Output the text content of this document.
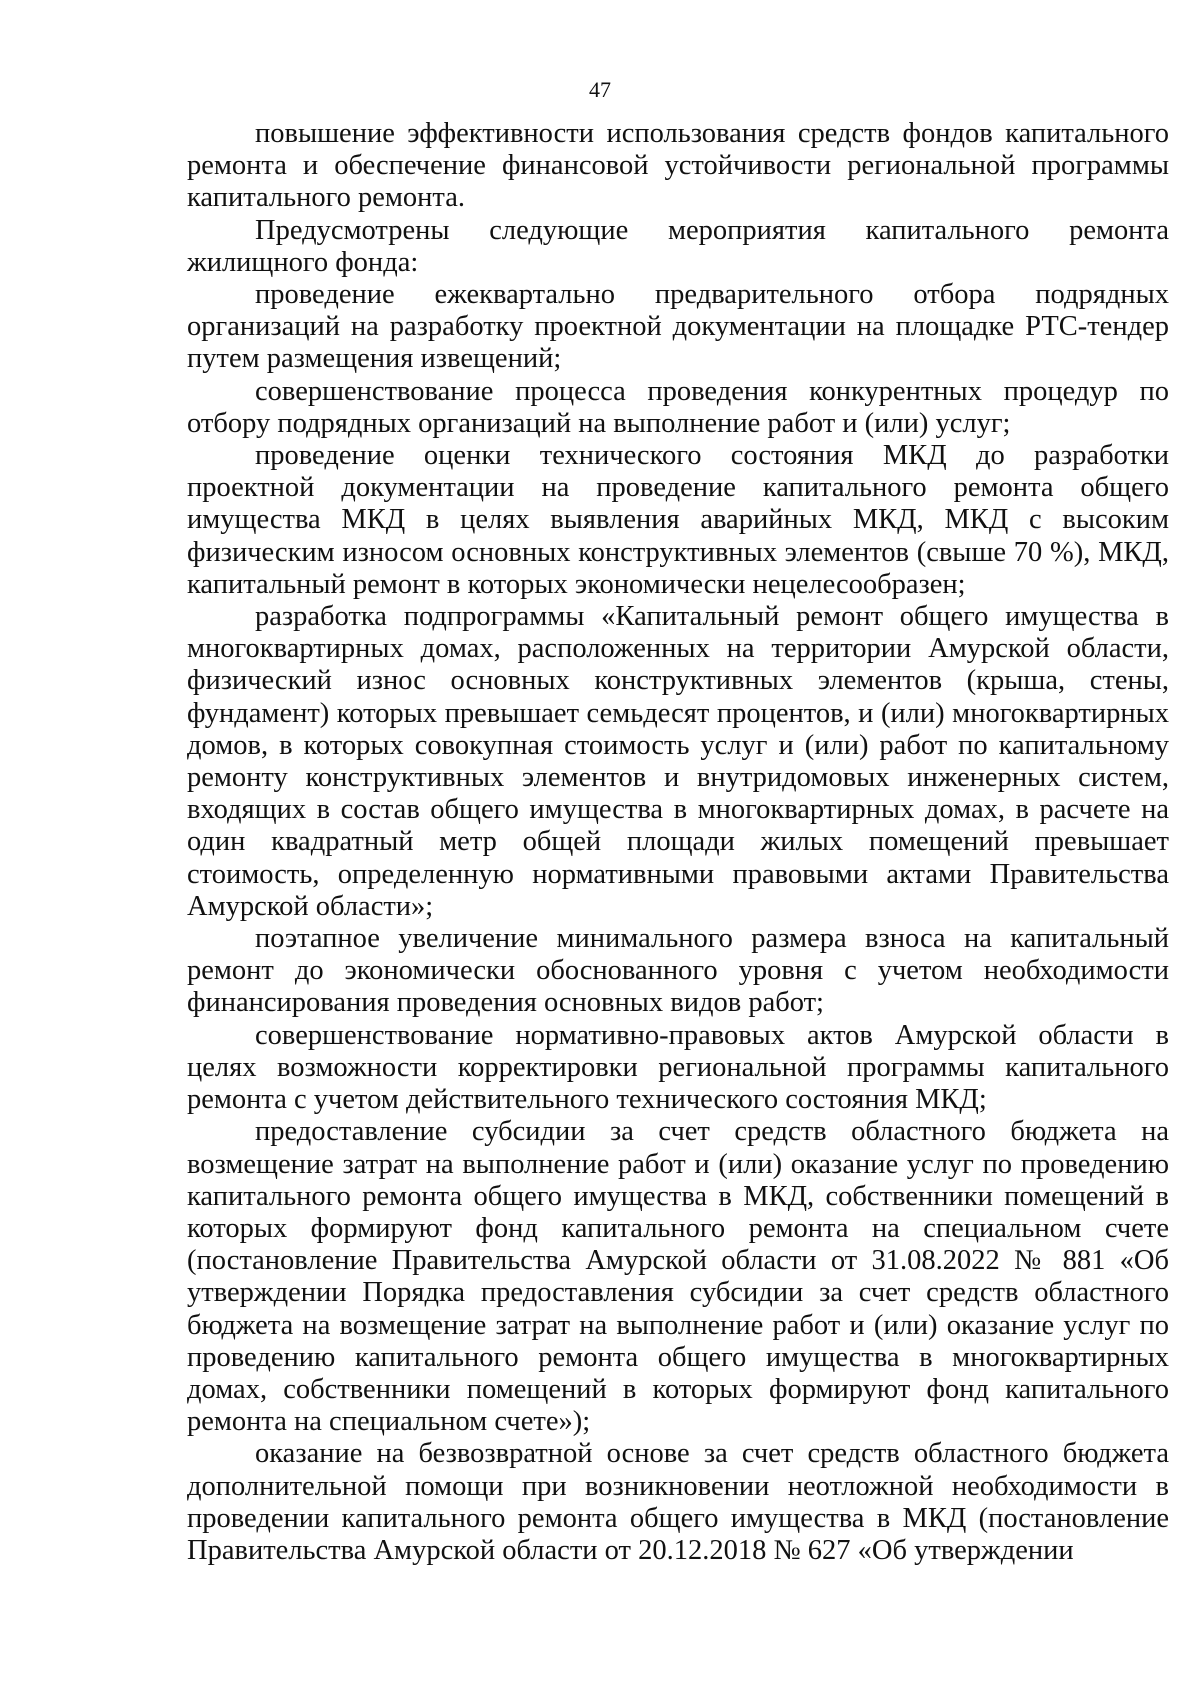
47

повышение эффективности использования средств фондов капитального ремонта и обеспечение финансовой устойчивости региональной программы капитального ремонта.

Предусмотрены следующие мероприятия капитального ремонта жилищного фонда:

проведение ежеквартально предварительного отбора подрядных организаций на разработку проектной документации на площадке РТС-тендер путем размещения извещений;

совершенствование процесса проведения конкурентных процедур по отбору подрядных организаций на выполнение работ и (или) услуг;

проведение оценки технического состояния МКД до разработки проектной документации на проведение капитального ремонта общего имущества МКД в целях выявления аварийных МКД, МКД с высоким физическим износом основных конструктивных элементов (свыше 70 %), МКД, капитальный ремонт в которых экономически нецелесообразен;

разработка подпрограммы «Капитальный ремонт общего имущества в многоквартирных домах, расположенных на территории Амурской области, физический износ основных конструктивных элементов (крыша, стены, фундамент) которых превышает семьдесят процентов, и (или) многоквартирных домов, в которых совокупная стоимость услуг и (или) работ по капитальному ремонту конструктивных элементов и внутридомовых инженерных систем, входящих в состав общего имущества в многоквартирных домах, в расчете на один квадратный метр общей площади жилых помещений превышает стоимость, определенную нормативными правовыми актами Правительства Амурской области»;

поэтапное увеличение минимального размера взноса на капитальный ремонт до экономически обоснованного уровня с учетом необходимости финансирования проведения основных видов работ;

совершенствование нормативно-правовых актов Амурской области в целях возможности корректировки региональной программы капитального ремонта с учетом действительного технического состояния МКД;

предоставление субсидии за счет средств областного бюджета на возмещение затрат на выполнение работ и (или) оказание услуг по проведению капитального ремонта общего имущества в МКД, собственники помещений в которых формируют фонд капитального ремонта на специальном счете (постановление Правительства Амурской области от 31.08.2022 № 881 «Об утверждении Порядка предоставления субсидии за счет средств областного бюджета на возмещение затрат на выполнение работ и (или) оказание услуг по проведению капитального ремонта общего имущества в многоквартирных домах, собственники помещений в которых формируют фонд капитального ремонта на специальном счете»);

оказание на безвозвратной основе за счет средств областного бюджета дополнительной помощи при возникновении неотложной необходимости в проведении капитального ремонта общего имущества в МКД (постановление Правительства Амурской области от 20.12.2018 № 627 «Об утверждении
